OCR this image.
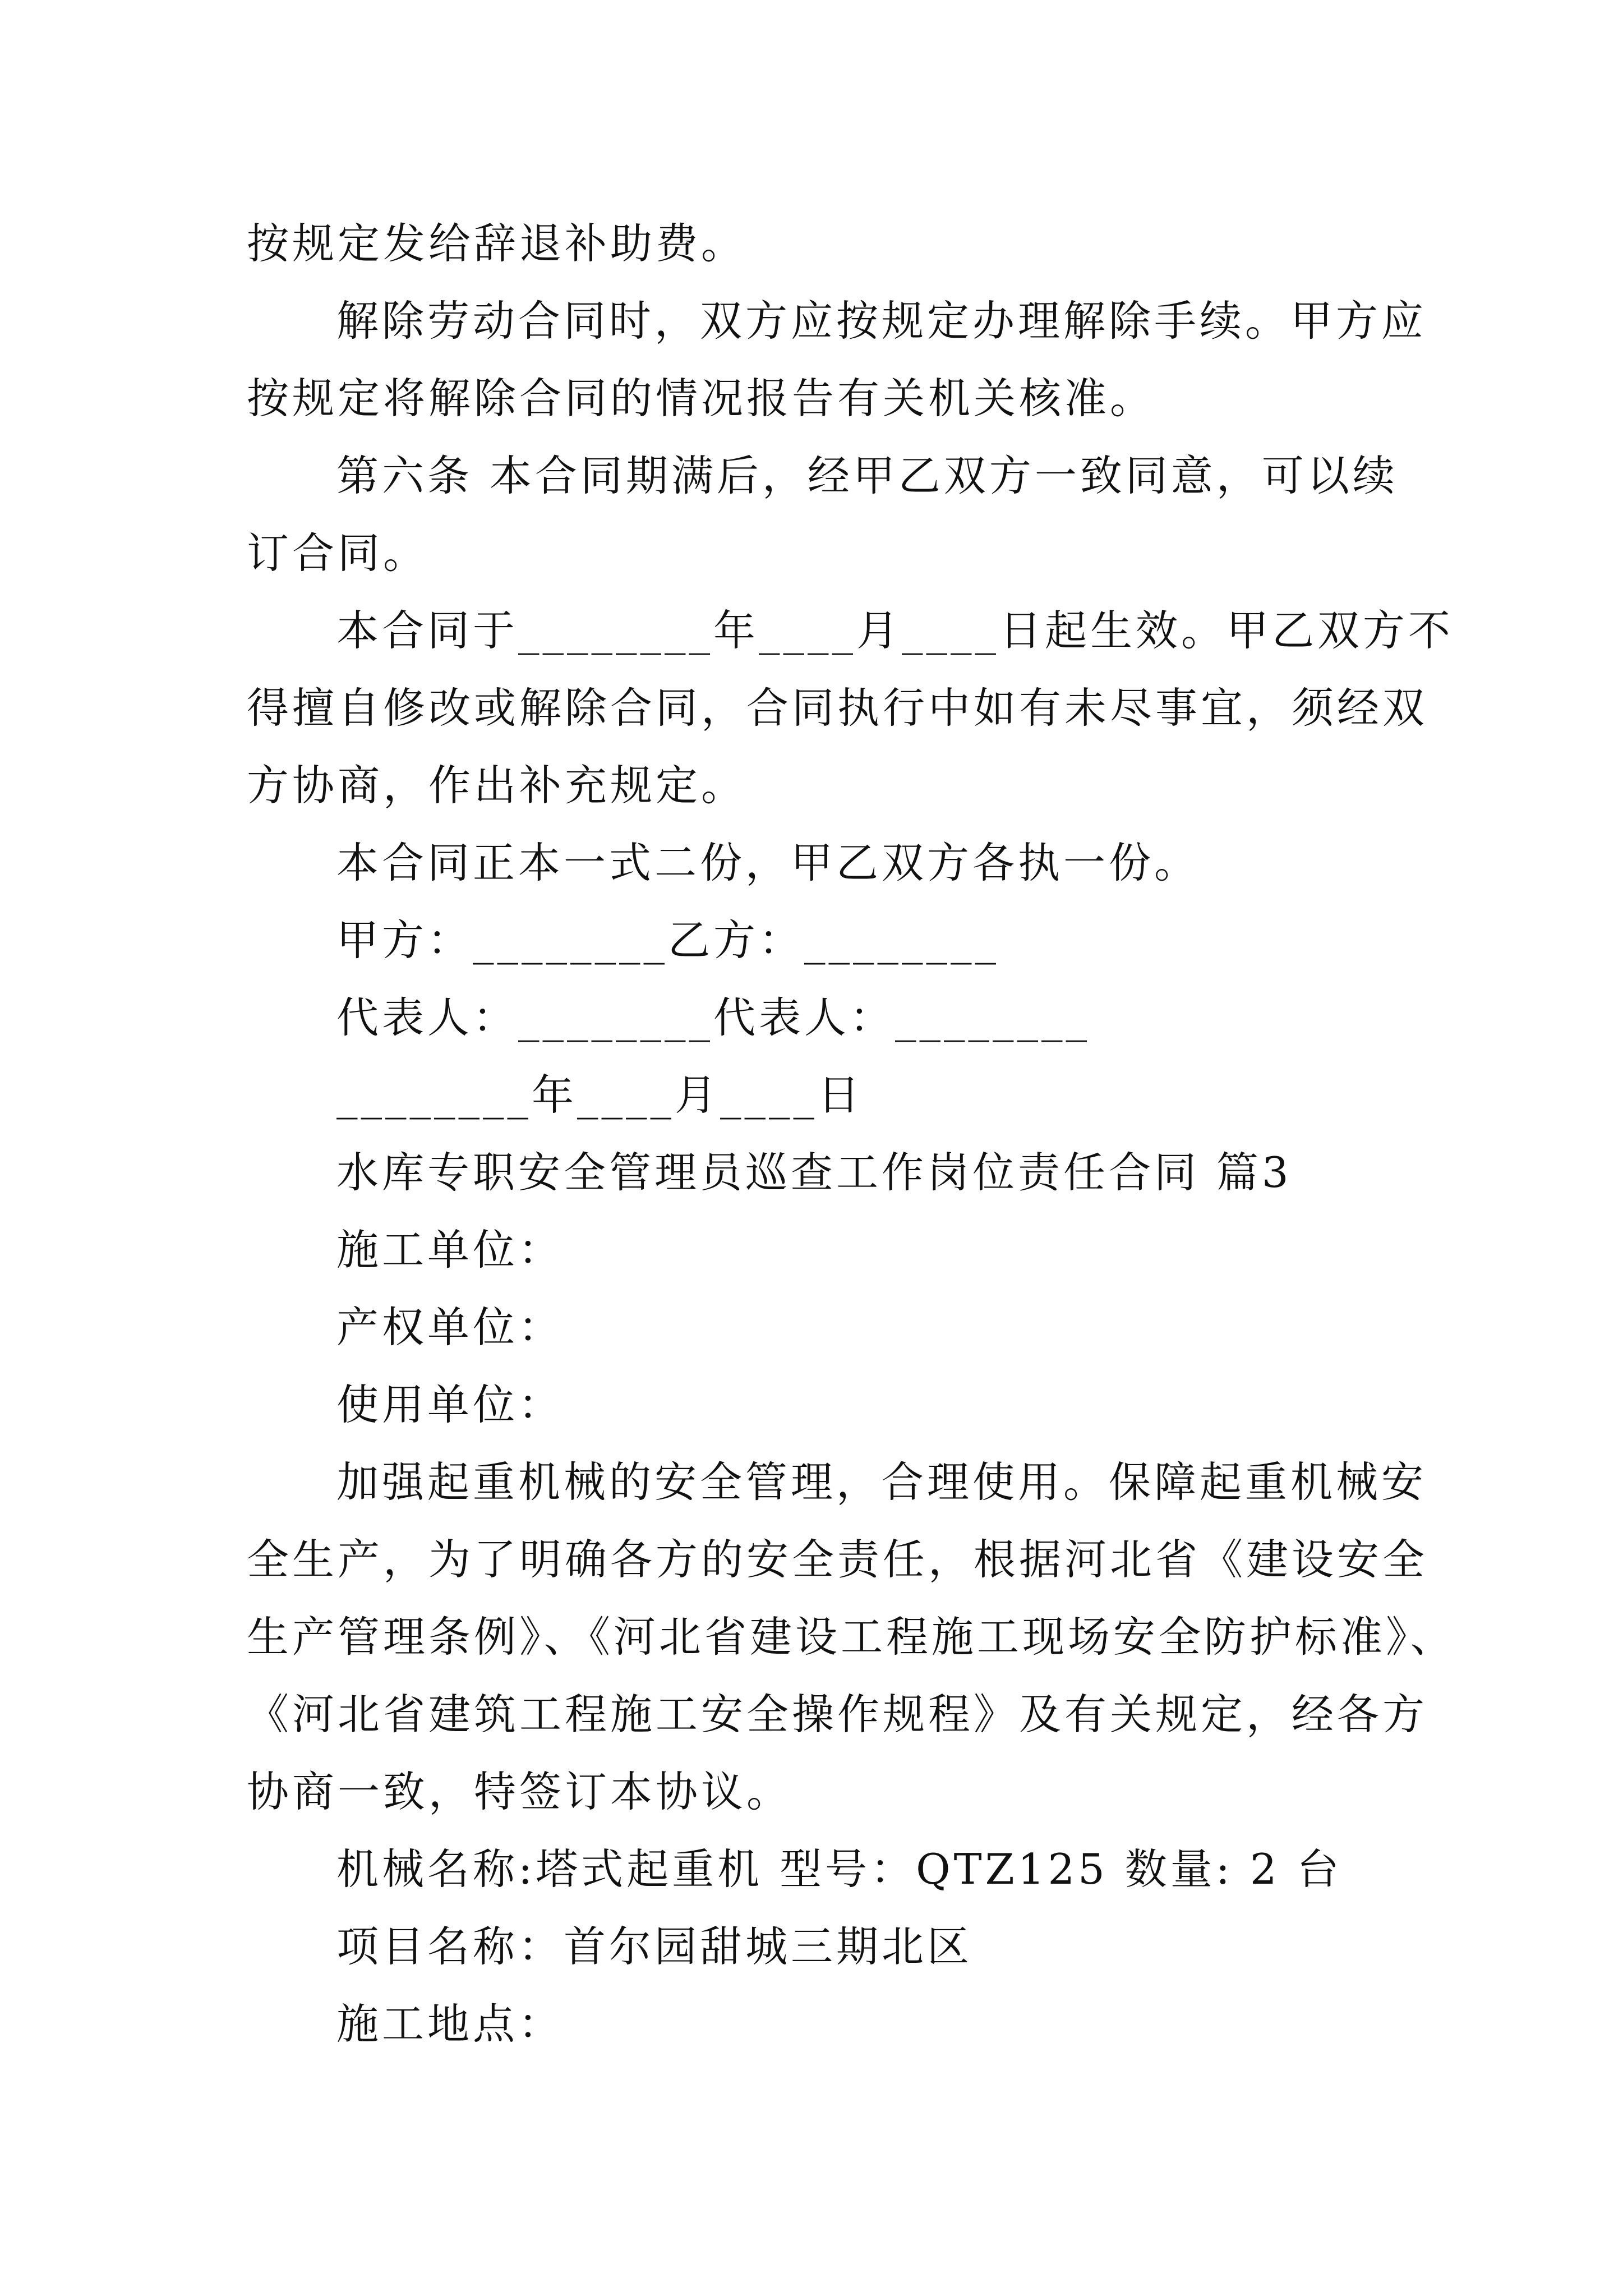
按规定发给辞退补助费。
解除劳动合同时，双方应按规定办理解除手续。甲方应
按规定将解除合同的情况报告有关机关核准。
第六条 本合同期满后，经甲乙双方一致同意，可以续
订合同。
本合同于________年____月____日起生效。甲乙双方不
得擅自修改或解除合同，合同执行中如有未尽事宜，须经双
方协商，作出补充规定。
本合同正本一式二份，甲乙双方各执一份。
甲方：________乙方：________
代表人：________代表人：________
________年____月____日
水库专职安全管理员巡查工作岗位责任合同 篇3
施工单位：
产权单位：
使用单位：
加强起重机械的安全管理，合理使用。保障起重机械安
全生产，为了明确各方的安全责任，根据河北省《建设安全
生产管理条例》、《河北省建设工程施工现场安全防护标准》、
《河北省建筑工程施工安全操作规程》及有关规定，经各方
协商一致，特签订本协议。
机械名称:塔式起重机 型号：QTZ125 数量: 2 台
项目名称：首尔园甜城三期北区
施工地点：
